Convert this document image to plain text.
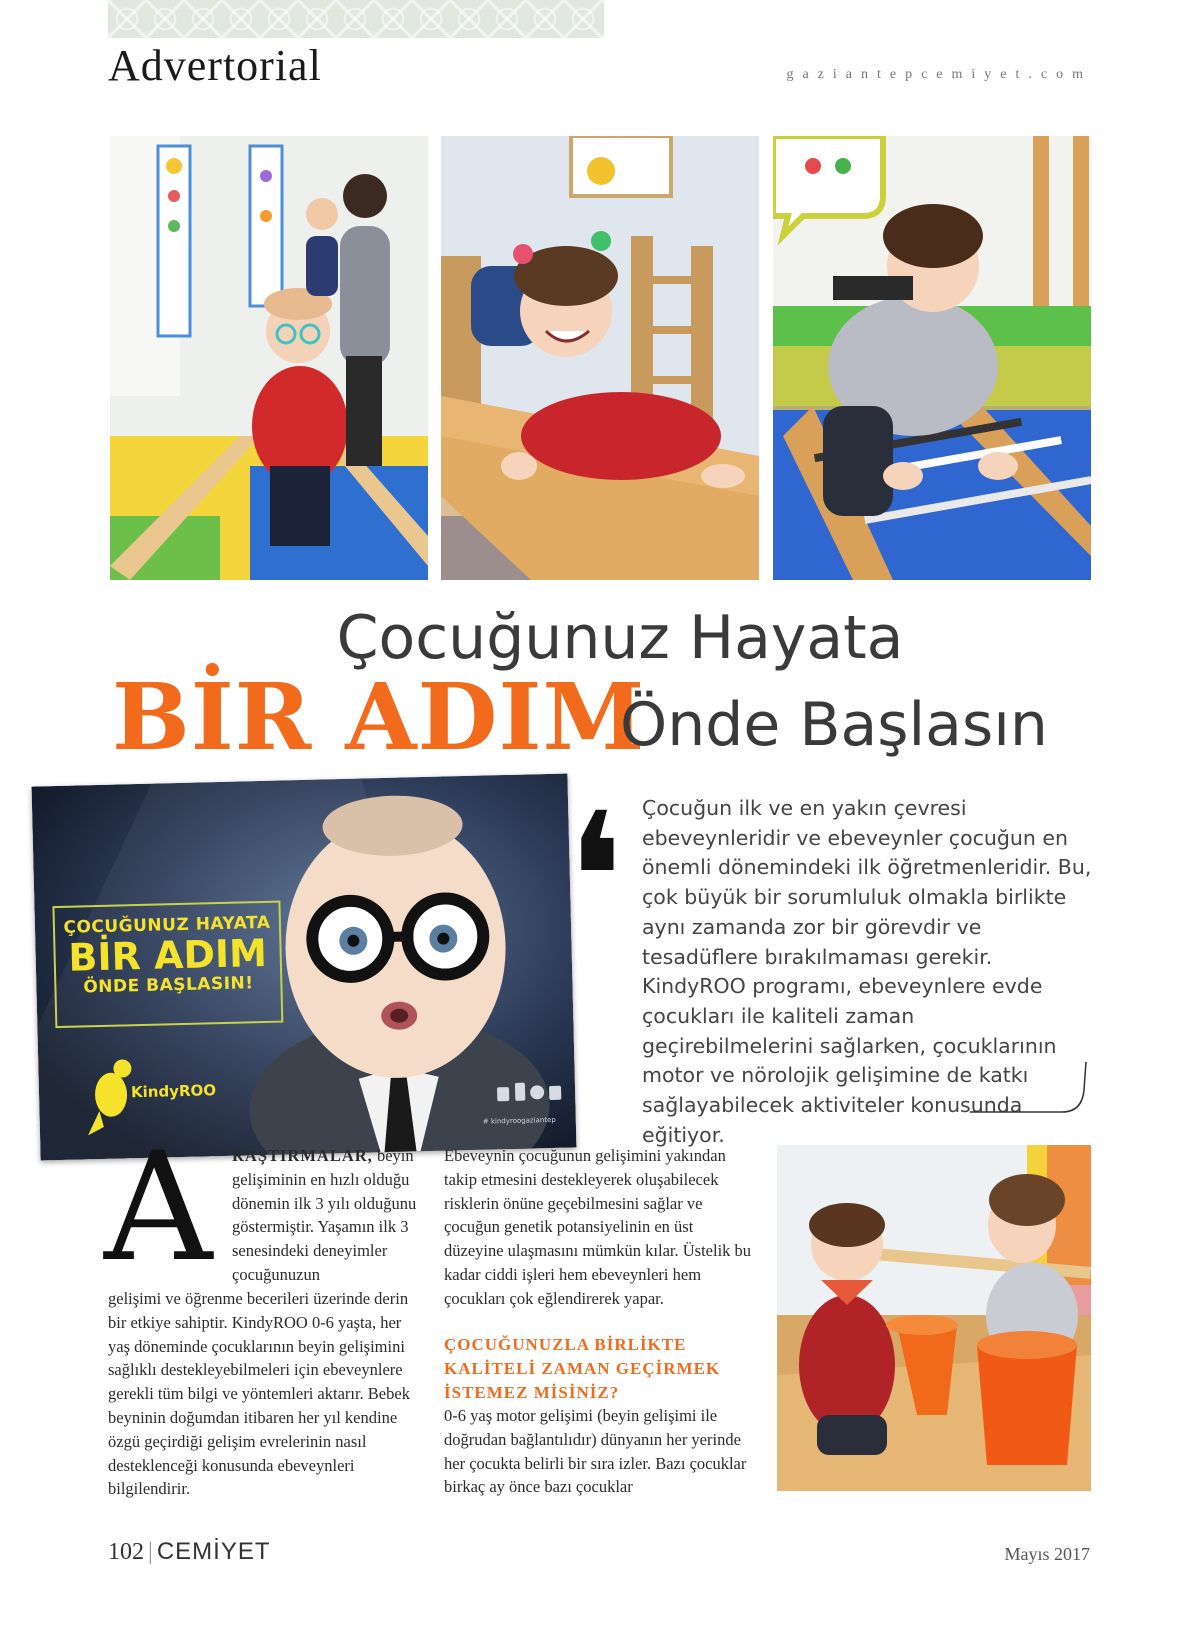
Advertorial	gaziantepcemiyet.com
Çocuğunuz Hayata
BİR ADIM
Önde Başlasın
ÇOCUĞUNUZ HAYATA
BİR ADIM
ÖNDE BAŞLASIN!
KindyROO
# kindyroogaziantep
❛ Çocuğun ilk ve en yakın çevresi ebeveynleridir ve ebeveynler çocuğun en önemli dönemindeki ilk öğretmenleridir. Bu, çok büyük bir sorumluluk olmakla birlikte aynı zamanda zor bir görevdir ve tesadüflere bırakılmaması gerekir. KindyROO programı, ebeveynlere evde çocukları ile kaliteli zaman geçirebilmelerini sağlarken, çocuklarının motor ve nörolojik gelişimine de katkı sağlayabilecek aktiviteler konusunda eğitiyor.

A RAŞTIRMALAR, beyin gelişiminin en hızlı olduğu dönemin ilk 3 yılı olduğunu göstermiştir. Yaşamın ilk 3 senesindeki deneyimler çocuğunuzun

gelişimi ve öğrenme becerileri üzerinde derin bir etkiye sahiptir. KindyROO 0-6 yaşta, her yaş döneminde çocuklarının beyin gelişimini sağlıklı destekleyebilmeleri için ebeveynlere gerekli tüm bilgi ve yöntemleri aktarır. Bebek beyninin doğumdan itibaren her yıl kendine özgü geçirdiği gelişim evrelerinin nasıl desteklenceği konusunda ebeveynleri bilgilendirir.

Ebeveynin çocuğunun gelişimini yakından takip etmesini destekleyerek oluşabilecek risklerin önüne geçebilmesini sağlar ve çocuğun genetik potansiyelinin en üst düzeyine ulaşmasını mümkün kılar. Üstelik bu kadar ciddi işleri hem ebeveynleri hem çocukları çok eğlendirerek yapar.

ÇOCUĞUNUZLA BİRLİKTE KALİTELİ ZAMAN GEÇİRMEK İSTEMEZ MİSİNİZ?

0-6 yaş motor gelişimi (beyin gelişimi ile doğrudan bağlantılıdır) dünyanın her yerinde her çocukta belirli bir sıra izler. Bazı çocuklar birkaç ay önce bazı çocuklar

102 | CEMİYET	Mayıs 2017
